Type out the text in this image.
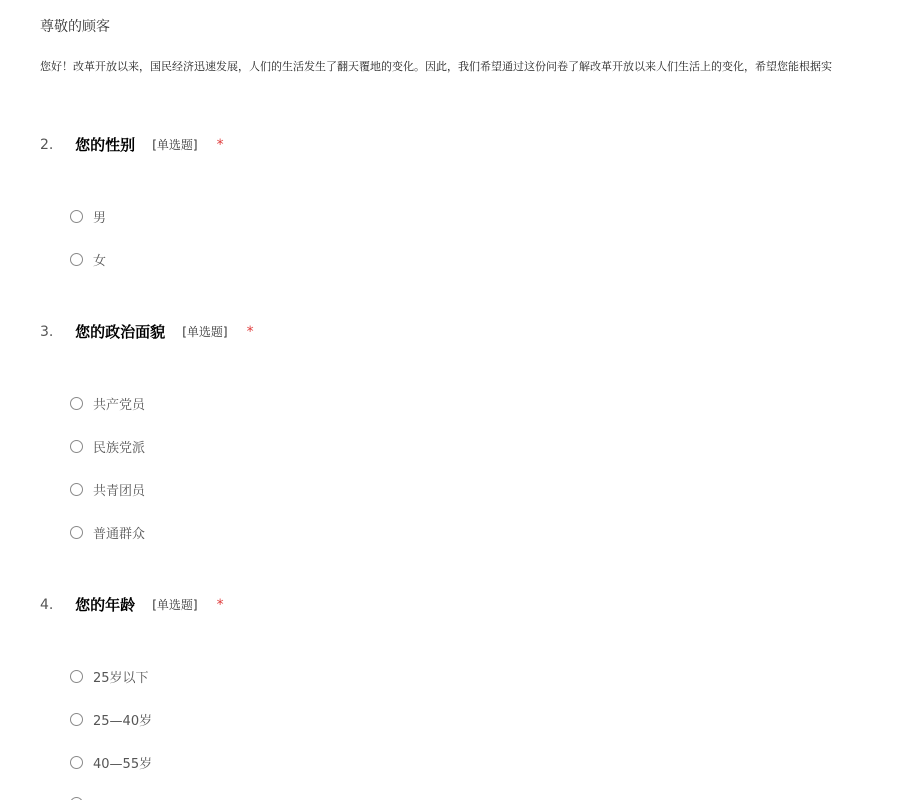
尊敬的顾客
您好！改革开放以来，国民经济迅速发展，人们的生活发生了翻天覆地的变化。因此，我们希望通过这份问卷了解改革开放以来人们生活上的变化，希望您能根据实
2. 您的性别 [单选题] *
男
女
3. 您的政治面貌 [单选题] *
共产党员
民族党派
共青团员
普通群众
4. 您的年龄 [单选题] *
25岁以下
25—40岁
40—55岁
